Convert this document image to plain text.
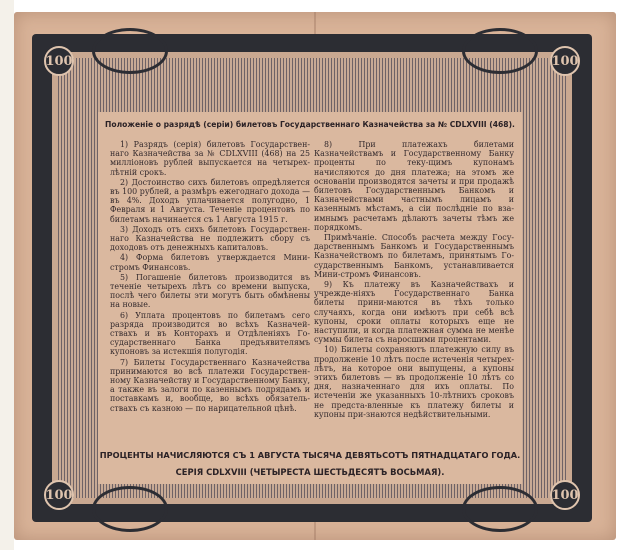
100	100
100	100
Положеніе о разрядѣ (серіи) билетовъ Государственнаго Казначейства за № CDLXVIII (468).

1) Разрядъ (серія) билетовъ Государствен-наго Казначейства за № CDLXVIII (468) на 25 милліоновъ рублей выпускается на четырех-лѣтній срокъ.

2) Достоинство сихъ билетовъ опредѣляется въ 100 рублей, а размѣръ ежегоднаго дохода — въ 4%. Доходъ уплачивается полугодно, 1 Февраля и 1 Августа. Теченіе процентовъ по билетамъ начинается съ 1 Августа 1915 г.

3) Доходъ отъ сихъ билетовъ Государствен-наго Казначейства не подлежитъ сбору съ доходовъ отъ денежныхъ капиталовъ.

4) Форма билетовъ утверждается Мини-стромъ Финансовъ.

5) Погашеніе билетовъ производится въ теченіе четырехъ лѣтъ со времени выпуска, послѣ чего билеты эти могутъ быть обмѣнены на новые.

6) Уплата процентовъ по билетамъ сего разряда производится во всѣхъ Казначей-ствахъ и въ Конторахъ и Отдѣленіяхъ Го-сударственнаго Банка предъявителямъ купоновъ за истекшія полугодія.

7) Билеты Государственнаго Казначейства принимаются во всѣ платежи Государствен-ному Казначейству и Государственному Банку, а также въ залоги по казеннымъ подрядамъ и поставкамъ и, вообще, во всѣхъ обязатель-ствахъ съ казною — по нарицательной цѣнѣ.

8) При платежахъ билетами Казначействамъ и Государственному Банку проценты по теку-щимъ купонамъ начисляются до дня платежа; на этомъ же основаніи производятся зачеты и при продажѣ билетовъ Государственнымъ Банкомъ и Казначействами частнымъ лицамъ и казеннымъ мѣстамъ, а сіи послѣдніе по вза-имнымъ расчетамъ дѣлаютъ зачеты тѣмъ же порядкомъ.

Примѣчаніе. Способъ расчета между Госу-дарственнымъ Банкомъ и Государственнымъ Казначействомъ по билетамъ, принятымъ Го-сударственнымъ Банкомъ, устанавливается Мини-стромъ Финансовъ.

9) Къ платежу въ Казначействахъ и учрежде-ніяхъ Государственнаго Банка билеты прини-маются въ тѣхъ только случаяхъ, когда они имѣютъ при себѣ всѣ купоны, сроки оплаты которыхъ еще не наступили, и когда платежная сумма не менѣе суммы билета съ наросшими процентами.

10) Билеты сохраняютъ платежную силу въ продолженіе 10 лѣтъ после истеченія четырех-лѣтъ, на которое они выпущены, а купоны этихъ билетовъ — въ продолженіе 10 лѣтъ со дня, назначеннаго для ихъ оплаты. По истеченіи же указанныхъ 10-лѣтнихъ сроковъ не предста-вленные къ платежу билеты и купоны при-знаются недѣйствительными.

ПРОЦЕНТЫ НАЧИСЛЯЮТСЯ СЪ 1 АВГУСТА ТЫСЯЧА ДЕВЯТЬСОТЪ ПЯТНАДЦАТАГО ГОДА.
СЕРІЯ CDLXVIII (ЧЕТЫРЕСТА ШЕСТЬДЕСЯТЪ ВОСЬМАЯ).
